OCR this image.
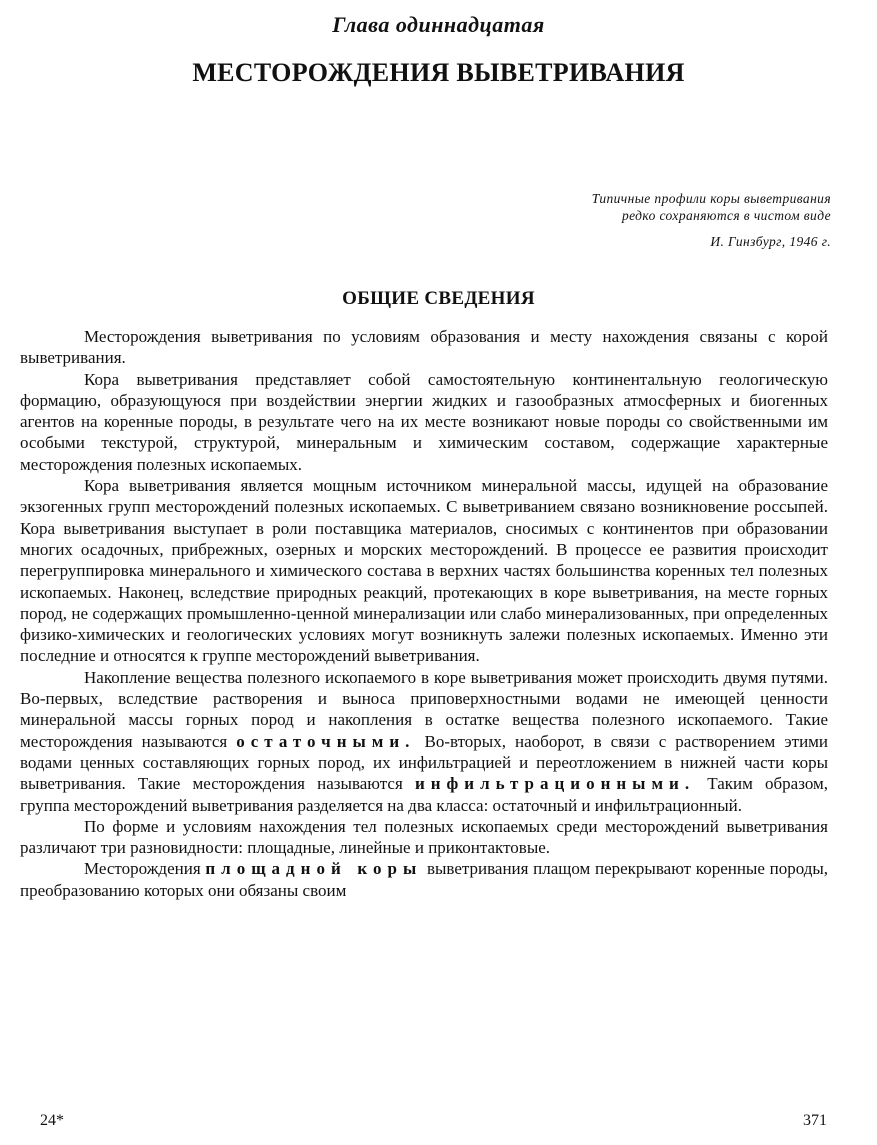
Глава одиннадцатая
МЕСТОРОЖДЕНИЯ ВЫВЕТРИВАНИЯ
Типичные профили коры выветривания
редко сохраняются в чистом виде
И. Гинзбург, 1946 г.
ОБЩИЕ СВЕДЕНИЯ

Месторождения выветривания по условиям образования и месту нахождения связаны с корой выветривания.

Кора выветривания представляет собой самостоятельную континентальную геологическую формацию, образующуюся при воздействии энергии жидких и газообразных атмосферных и биогенных агентов на коренные породы, в результате чего на их месте возникают новые породы со свойственными им особыми текстурой, структурой, минеральным и химическим составом, содержащие характерные месторождения полезных ископаемых.

Кора выветривания является мощным источником минеральной массы, идущей на образование экзогенных групп месторождений полезных ископаемых. С выветриванием связано возникновение россыпей. Кора выветривания выступает в роли поставщика материалов, сносимых с континентов при образовании многих осадочных, прибрежных, озерных и морских месторождений. В процессе ее развития происходит перегруппировка минерального и химического состава в верхних частях большинства коренных тел полезных ископаемых. Наконец, вследствие природных реакций, протекающих в коре выветривания, на месте горных пород, не содержащих промышленно-ценной минерализации или слабо минерализованных, при определенных физико-химических и геологических условиях могут возникнуть залежи полезных ископаемых. Именно эти последние и относятся к группе месторождений выветривания.

Накопление вещества полезного ископаемого в коре выветривания может происходить двумя путями. Во-первых, вследствие растворения и выноса приповерхностными водами не имеющей ценности минеральной массы горных пород и накопления в остатке вещества полезного ископаемого. Такие месторождения называются остаточными. Во-вторых, наоборот, в связи с растворением этими водами ценных составляющих горных пород, их инфильтрацией и переотложением в нижней части коры выветривания. Такие месторождения называются инфильтрационными. Таким образом, группа месторождений выветривания разделяется на два класса: остаточный и инфильтрационный.

По форме и условиям нахождения тел полезных ископаемых среди месторождений выветривания различают три разновидности: площадные, линейные и приконтактовые.

Месторождения площадной коры выветривания плащом перекрывают коренные породы, преобразованию которых они обязаны своим

24*	371
